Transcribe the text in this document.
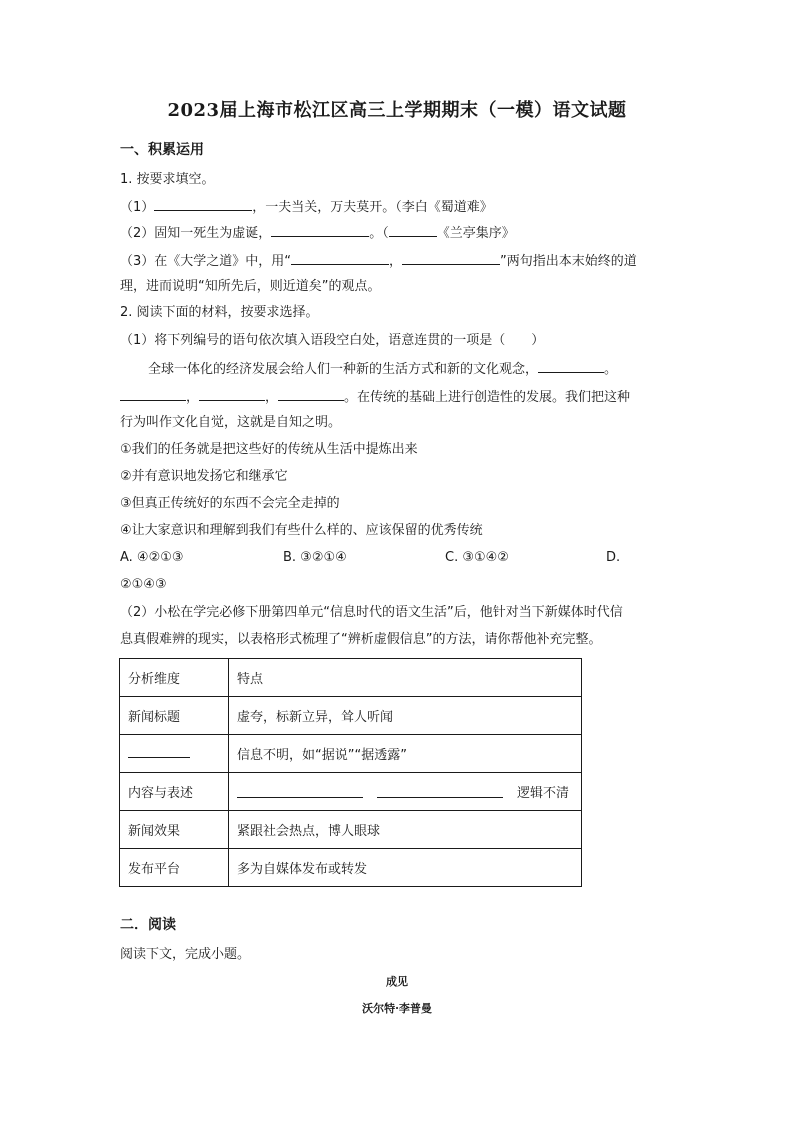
2023届上海市松江区高三上学期期末（一模）语文试题
一、积累运用
1. 按要求填空。
（1）	，一夫当关，万夫莫开。（李白《蜀道难》
（2）固知一死生为虚诞，	。（	《兰亭集序》
（3）在《大学之道》中，用“	，	”两句指出本末始终的道
理，进而说明“知所先后，则近道矣”的观点。
2. 阅读下面的材料，按要求选择。
（1）将下列编号的语句依次填入语段空白处，语意连贯的一项是（　　）
全球一体化的经济发展会给人们一种新的生活方式和新的文化观念，	。
，	，	。在传统的基础上进行创造性的发展。我们把这种
行为叫作文化自觉，这就是自知之明。
①我们的任务就是把这些好的传统从生活中提炼出来
②并有意识地发扬它和继承它
③但真正传统好的东西不会完全走掉的
④让大家意识和理解到我们有些什么样的、应该保留的优秀传统
A. ④②①③	B. ③②①④	C. ③①④②	D.
②①④③
（2）小松在学完必修下册第四单元“信息时代的语文生活”后，他针对当下新媒体时代信
息真假难辨的现实，以表格形式梳理了“辨析虚假信息”的方法，请你帮他补充完整。
分析维度	特点
新闻标题	虚夸，标新立异，耸人听闻
	信息不明，如“据说”“据透露”
内容与表述	逻辑不清

新闻效果	紧跟社会热点，博人眼球
发布平台	多为自媒体发布或转发
二．阅读
阅读下文，完成小题。
成见
沃尔特·李普曼
